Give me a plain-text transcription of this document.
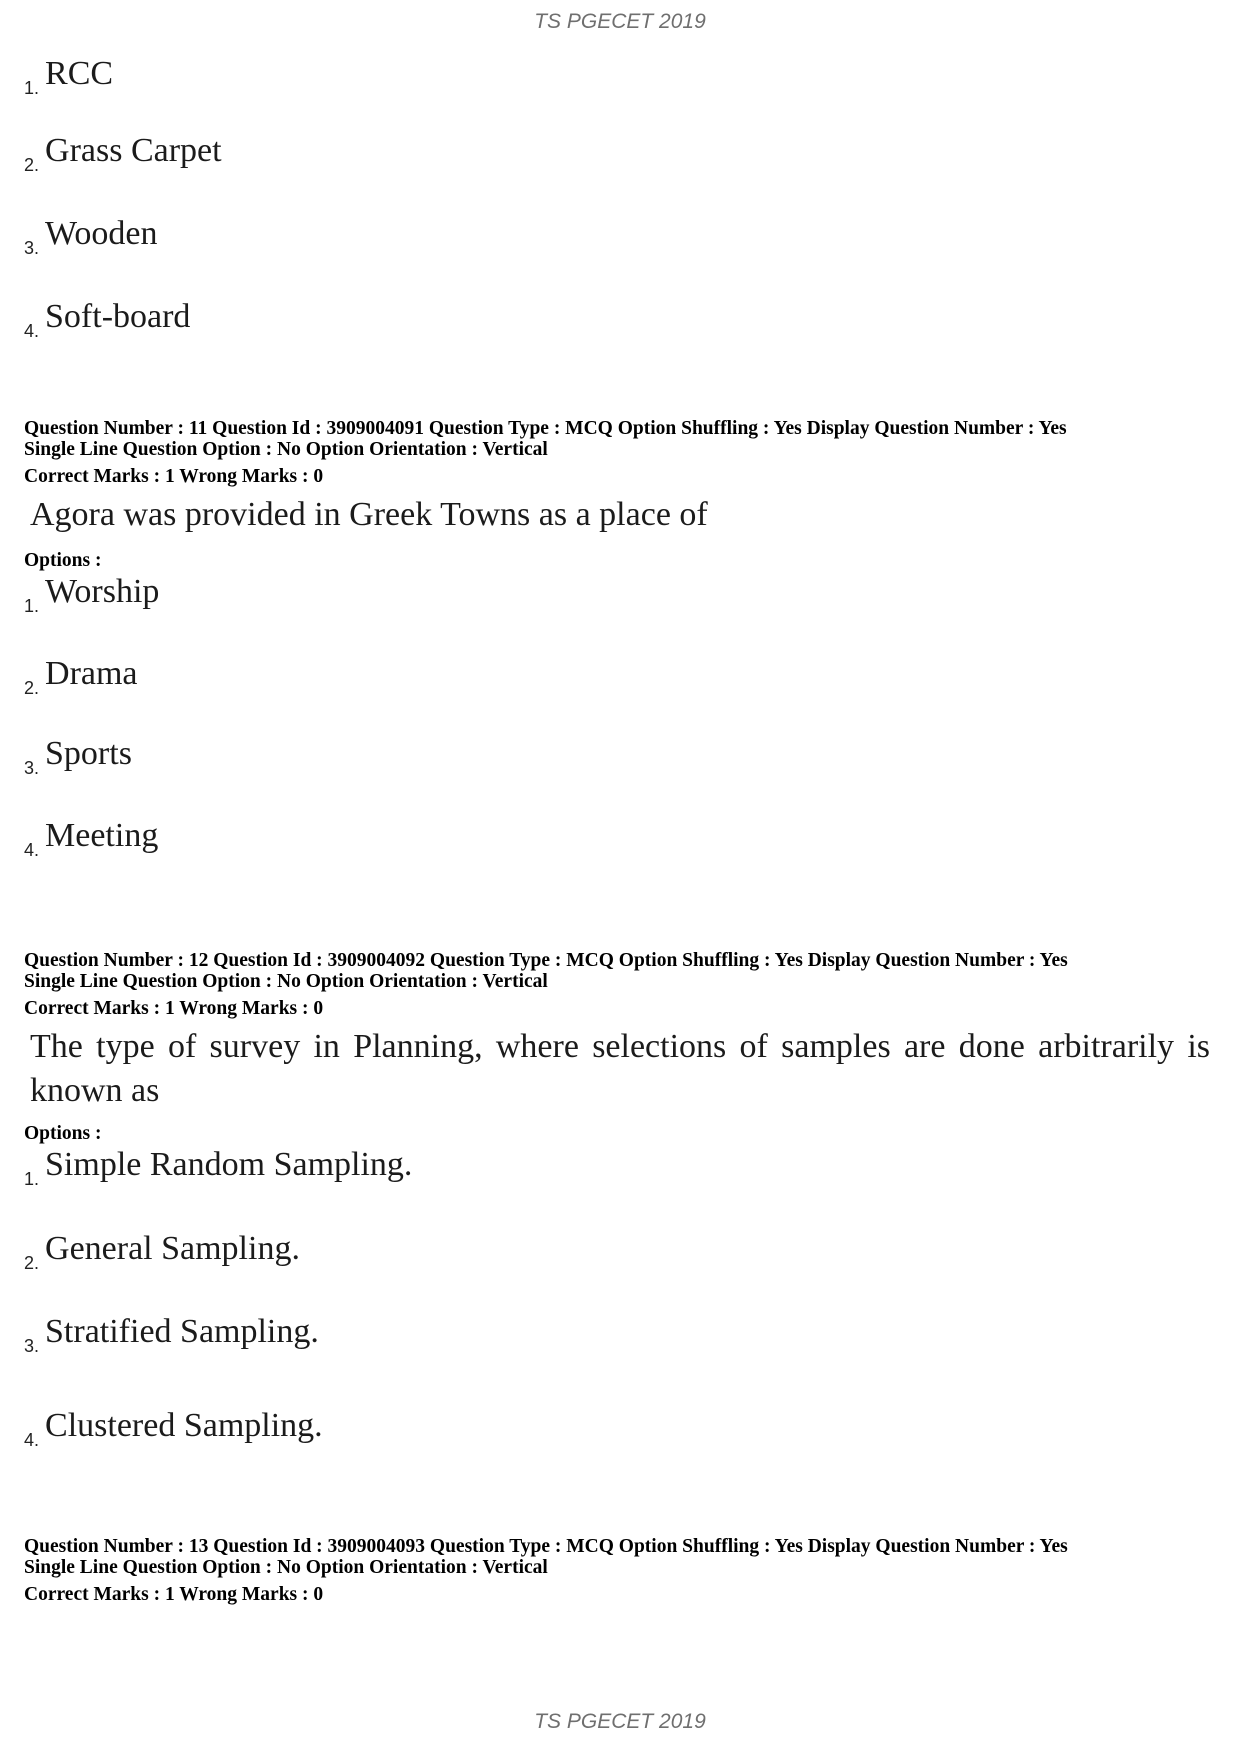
TS PGECET 2019
1. RCC
2. Grass Carpet
3. Wooden
4. Soft-board
Question Number : 11 Question Id : 3909004091 Question Type : MCQ Option Shuffling : Yes Display Question Number : Yes
Single Line Question Option : No Option Orientation : Vertical
Correct Marks : 1 Wrong Marks : 0
Agora was provided in Greek Towns as a place of
Options :
1. Worship
2. Drama
3. Sports
4. Meeting
Question Number : 12 Question Id : 3909004092 Question Type : MCQ Option Shuffling : Yes Display Question Number : Yes
Single Line Question Option : No Option Orientation : Vertical
Correct Marks : 1 Wrong Marks : 0
The type of survey in Planning, where selections of samples are done arbitrarily is known as
Options :
1. Simple Random Sampling.
2. General Sampling.
3. Stratified Sampling.
4. Clustered Sampling.
Question Number : 13 Question Id : 3909004093 Question Type : MCQ Option Shuffling : Yes Display Question Number : Yes
Single Line Question Option : No Option Orientation : Vertical
Correct Marks : 1 Wrong Marks : 0
TS PGECET 2019
